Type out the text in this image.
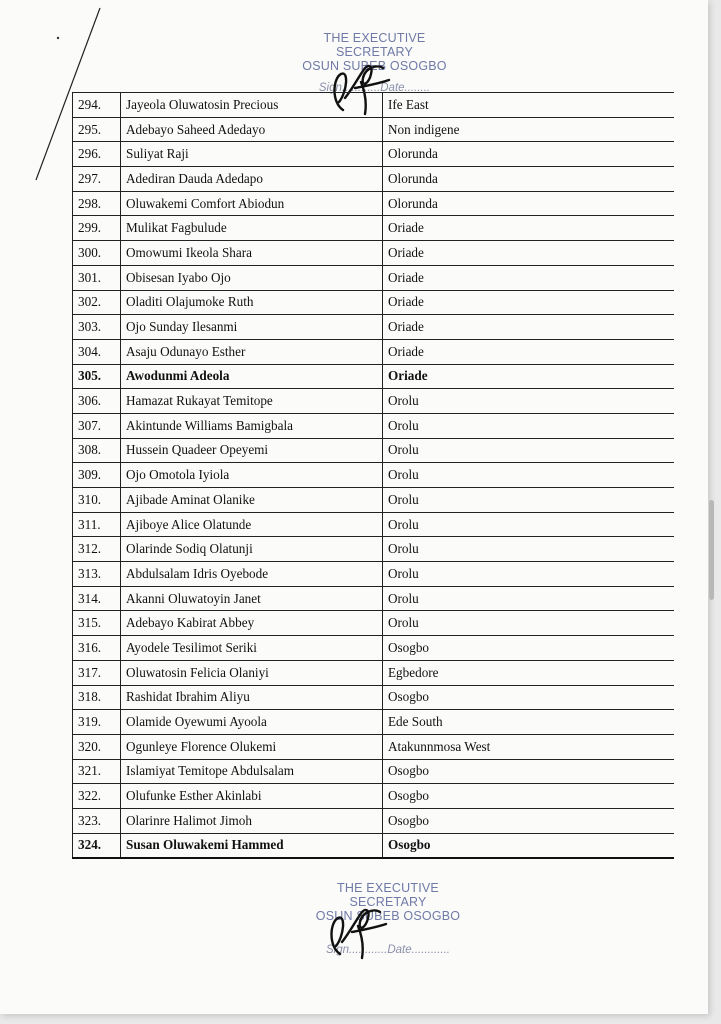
THE EXECUTIVE SECRETARY
OSUN SUBEB OSOGBO
Sign............Date........
294.	Jayeola Oluwatosin Precious	Ife East
295.	Adebayo Saheed Adedayo	Non indigene
296.	Suliyat Raji	Olorunda
297.	Adediran Dauda Adedapo	Olorunda
298.	Oluwakemi Comfort Abiodun	Olorunda
299.	Mulikat Fagbulude	Oriade
300.	Omowumi Ikeola Shara	Oriade
301.	Obisesan Iyabo Ojo	Oriade
302.	Oladiti Olajumoke Ruth	Oriade
303.	Ojo Sunday Ilesanmi	Oriade
304.	Asaju Odunayo Esther	Oriade
305.	Awodunmi Adeola	Oriade
306.	Hamazat Rukayat Temitope	Orolu
307.	Akintunde Williams Bamigbala	Orolu
308.	Hussein Quadeer Opeyemi	Orolu
309.	Ojo Omotola Iyiola	Orolu
310.	Ajibade Aminat Olanike	Orolu
311.	Ajiboye Alice Olatunde	Orolu
312.	Olarinde Sodiq Olatunji	Orolu
313.	Abdulsalam Idris Oyebode	Orolu
314.	Akanni Oluwatoyin Janet	Orolu
315.	Adebayo Kabirat Abbey	Orolu
316.	Ayodele Tesilimot Seriki	Osogbo
317.	Oluwatosin Felicia Olaniyi	Egbedore
318.	Rashidat Ibrahim Aliyu	Osogbo
319.	Olamide Oyewumi Ayoola	Ede South
320.	Ogunleye Florence Olukemi	Atakunnmosa West
321.	Islamiyat Temitope Abdulsalam	Osogbo
322.	Olufunke Esther Akinlabi	Osogbo
323.	Olarinre Halimot Jimoh	Osogbo
324.	Susan Oluwakemi Hammed	Osogbo
THE EXECUTIVE SECRETARY
OSUN SUBEB OSOGBO
Sign............Date............
